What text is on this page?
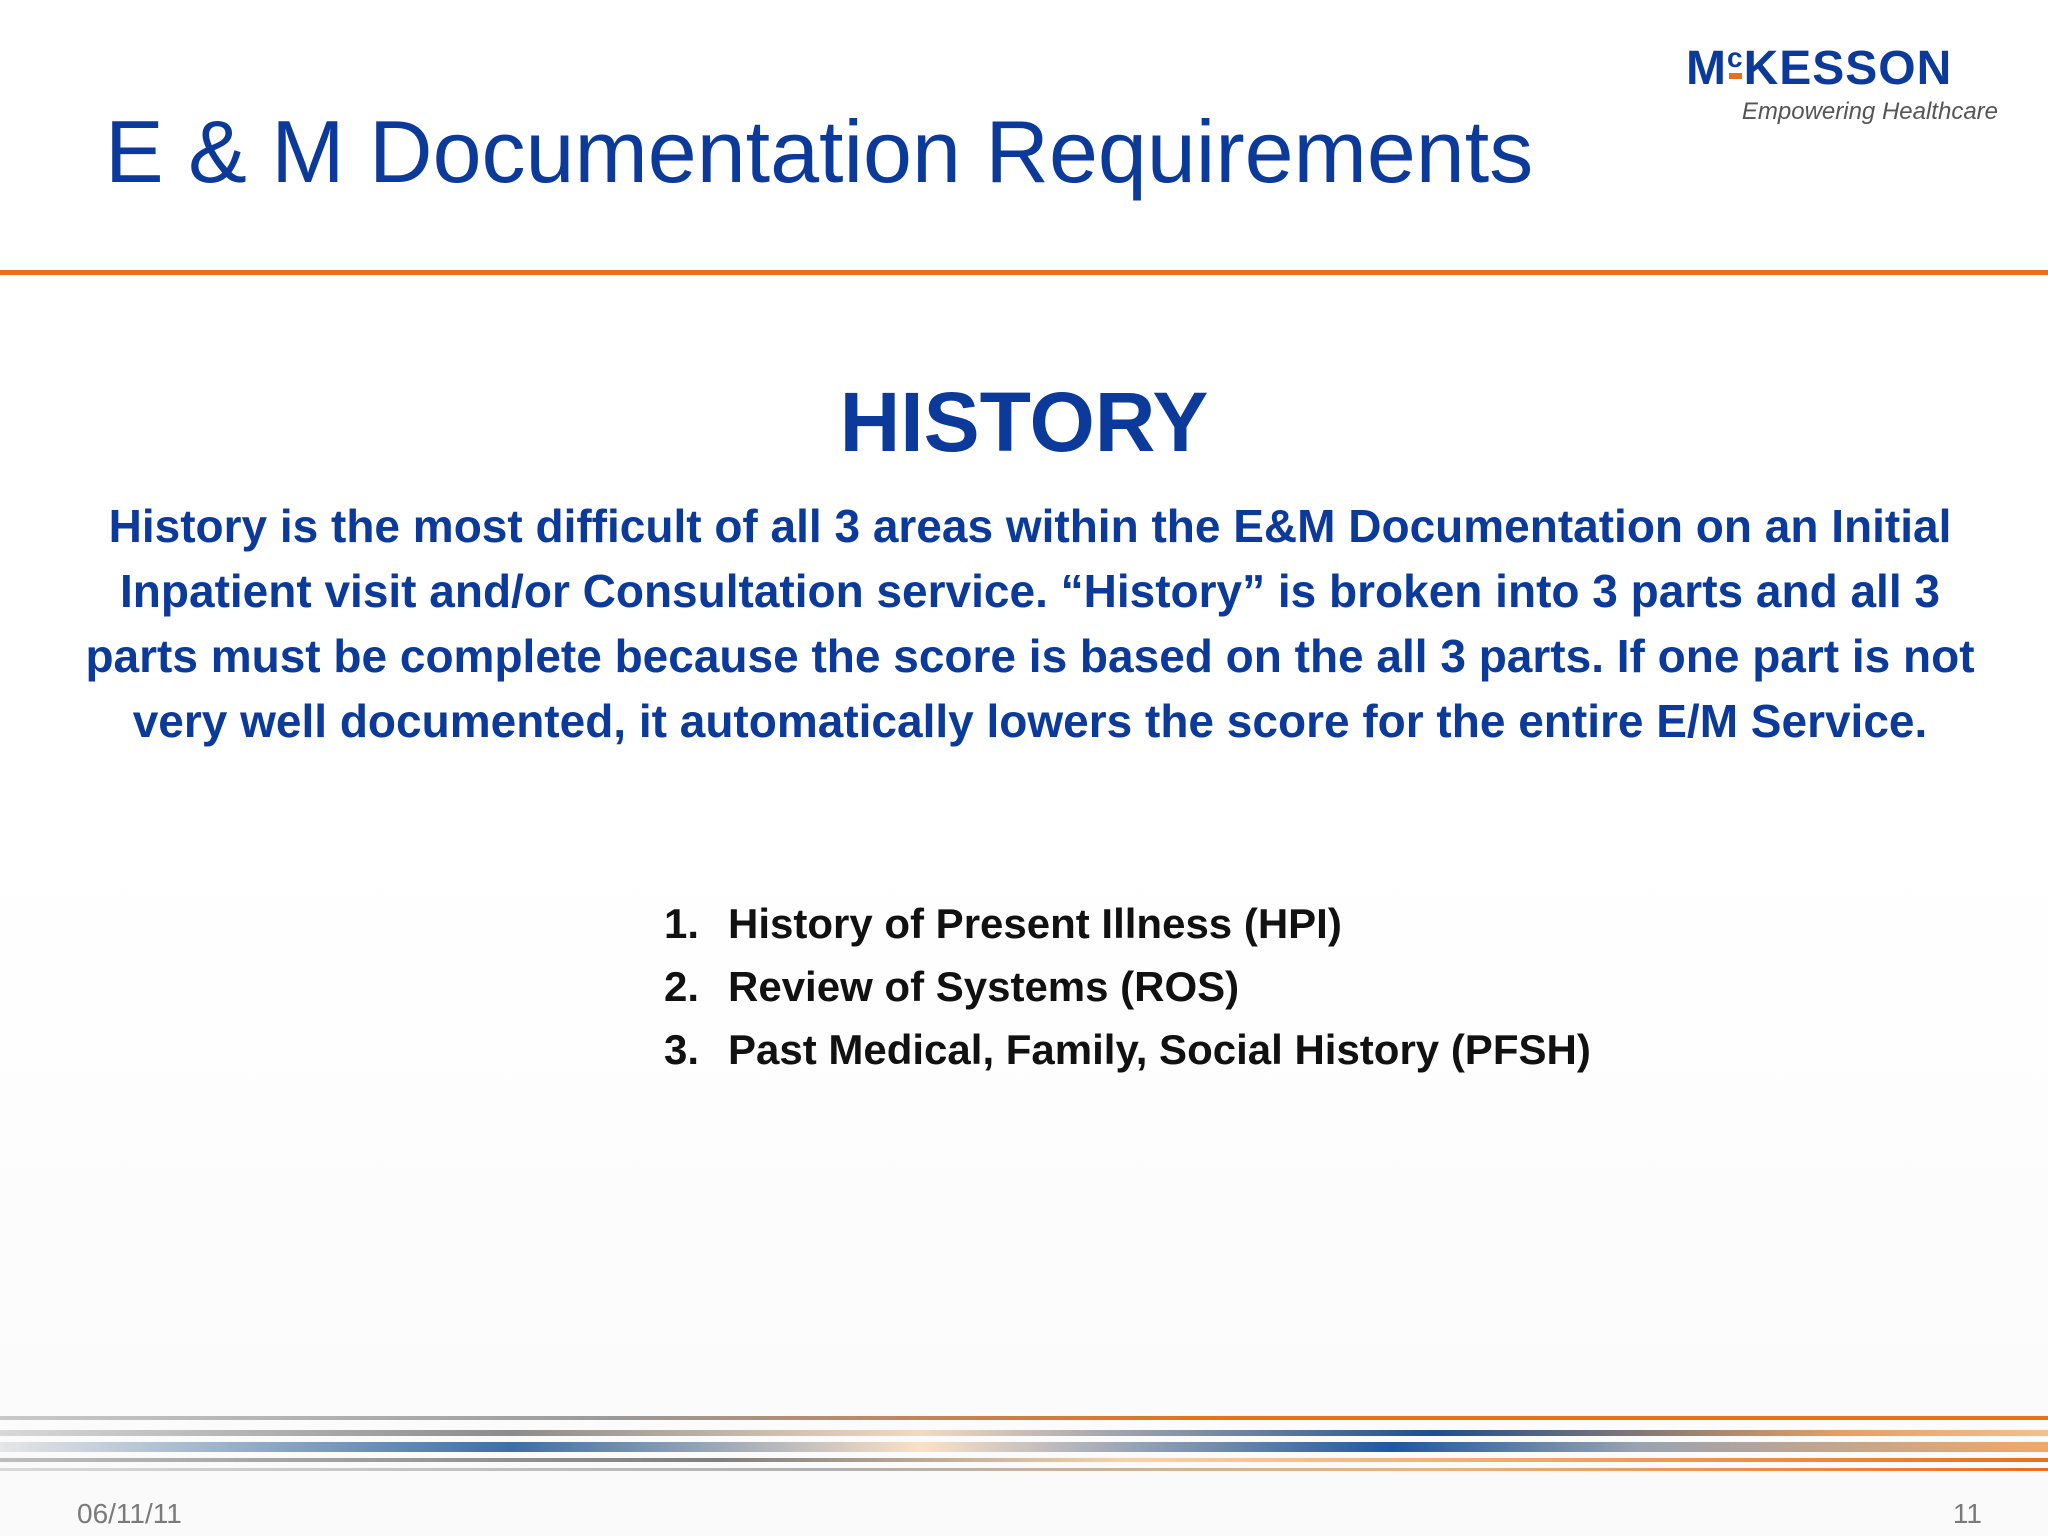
E & M Documentation Requirements
$M^cKESSON$
Empowering Healthcare
HISTORY
History is the most difficult of all 3 areas within the E&M Documentation on an Initial Inpatient visit and/or Consultation service. “History” is broken into 3 parts and all 3 parts must be complete because the score is based on the all 3 parts. If one part is not very well documented, it automatically lowers the score for the entire E/M Service.
1. History of Present Illness (HPI)
2. Review of Systems (ROS)
3. Past Medical, Family, Social History (PFSH)
06/11/11	11
